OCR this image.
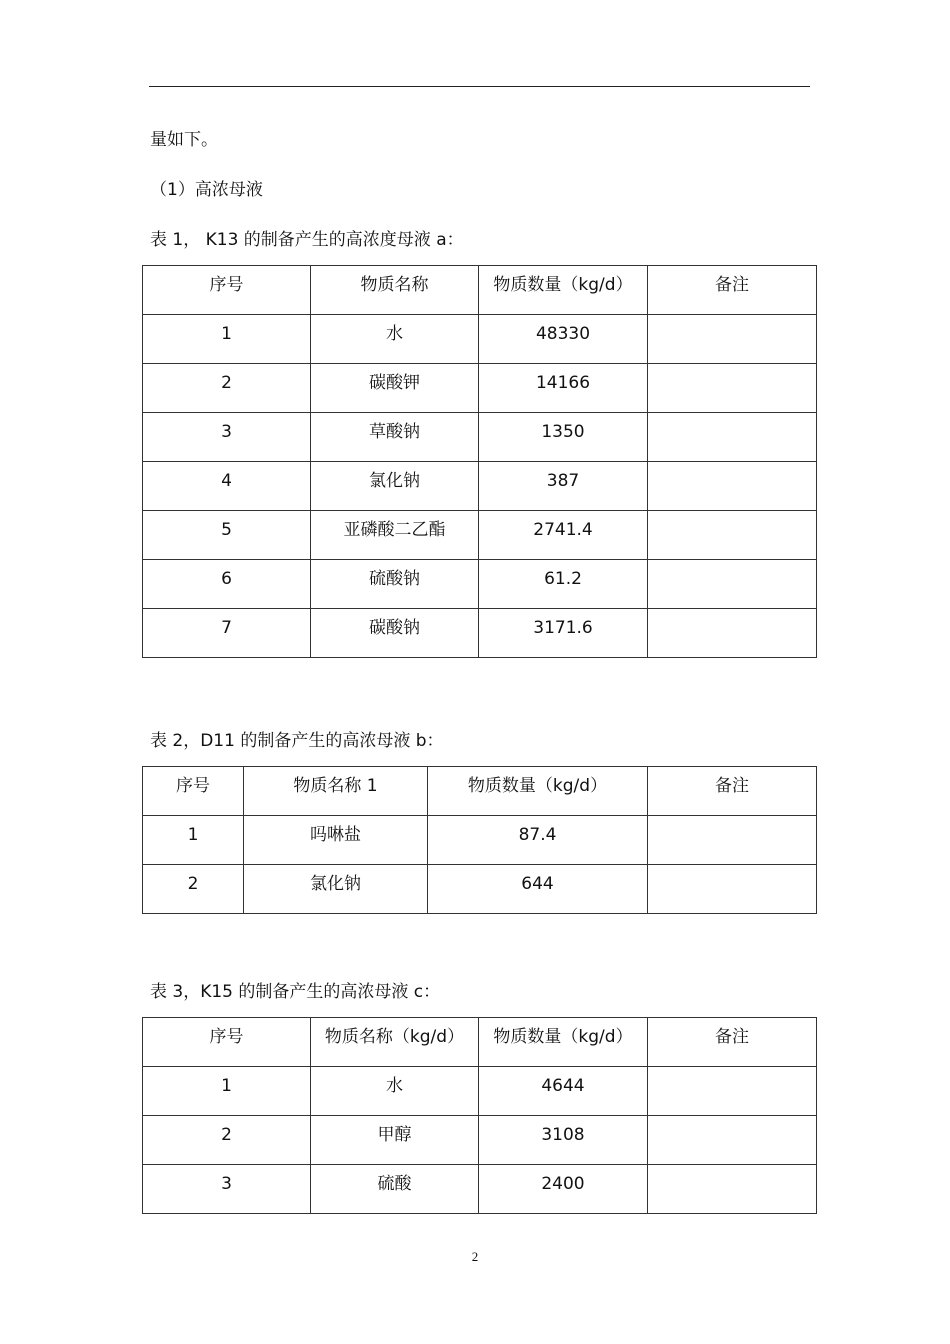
量如下。
（1）高浓母液
表 1， K13 的制备产生的高浓度母液 a：
序号	物质名称	物质数量（kg/d）	备注
1	水	48330	
2	碳酸钾	14166	
3	草酸钠	1350	
4	氯化钠	387	
5	亚磷酸二乙酯	2741.4	
6	硫酸钠	61.2	
7	碳酸钠	3171.6	
表 2，D11 的制备产生的高浓母液 b：
序号	物质名称 1	物质数量（kg/d）	备注
1	吗啉盐	87.4	
2	氯化钠	644	
表 3，K15 的制备产生的高浓母液 c：
序号	物质名称（kg/d）	物质数量（kg/d）	备注
1	水	4644	
2	甲醇	3108	
3	硫酸	2400	
2
